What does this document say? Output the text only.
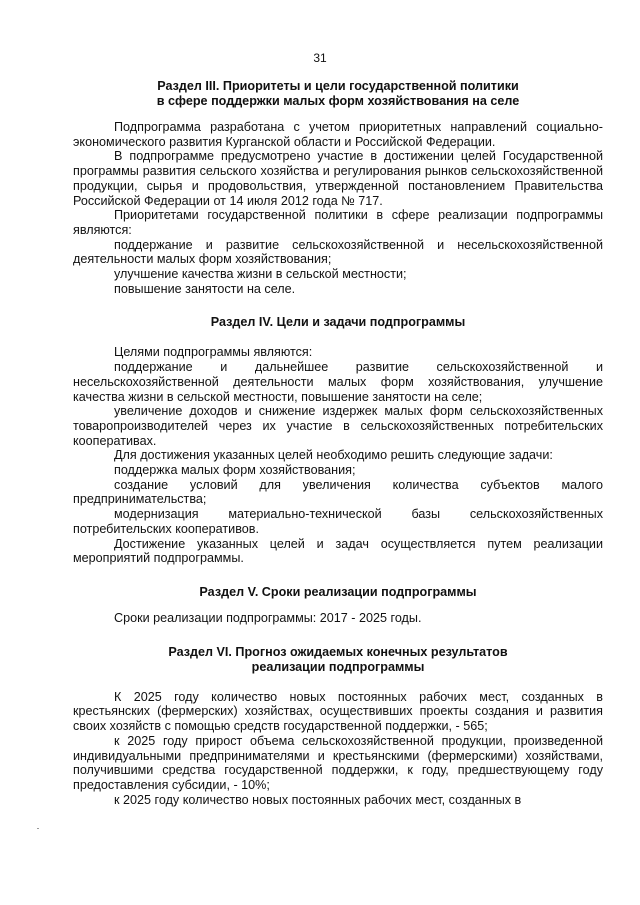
31
Раздел III. Приоритеты и цели государственной политики
в сфере поддержки малых форм хозяйствования на селе

Подпрограмма разработана с учетом приоритетных направлений социально-экономического развития Курганской области и Российской Федерации.

В подпрограмме предусмотрено участие в достижении целей Государственной программы развития сельского хозяйства и регулирования рынков сельскохозяйственной продукции, сырья и продовольствия, утвержденной постановлением Правительства Российской Федерации от 14 июля 2012 года № 717.

Приоритетами государственной политики в сфере реализации подпрограммы являются:

поддержание и развитие сельскохозяйственной и несельскохозяйственной деятельности малых форм хозяйствования;

улучшение качества жизни в сельской местности;

повышение занятости на селе.

Раздел IV. Цели и задачи подпрограммы

Целями подпрограммы являются:

поддержание и дальнейшее развитие сельскохозяйственной и несельскохозяйственной деятельности малых форм хозяйствования, улучшение качества жизни в сельской местности, повышение занятости на селе;

увеличение доходов и снижение издержек малых форм сельскохозяйственных товаропроизводителей через их участие в сельскохозяйственных потребительских кооперативах.

Для достижения указанных целей необходимо решить следующие задачи:

поддержка малых форм хозяйствования;

создание условий для увеличения количества субъектов малого предпринимательства;

модернизация материально-технической базы сельскохозяйственных потребительских кооперативов.

Достижение указанных целей и задач осуществляется путем реализации мероприятий подпрограммы.

Раздел V. Сроки реализации подпрограммы

Сроки реализации подпрограммы: 2017 - 2025 годы.

Раздел VI. Прогноз ожидаемых конечных результатов
реализации подпрограммы

К 2025 году количество новых постоянных рабочих мест, созданных в крестьянских (фермерских) хозяйствах, осуществивших проекты создания и развития своих хозяйств с помощью средств государственной поддержки, - 565;

к 2025 году прирост объема сельскохозяйственной продукции, произведенной индивидуальными предпринимателями и крестьянскими (фермерскими) хозяйствами, получившими средства государственной поддержки, к году, предшествующему году предоставления субсидии, - 10%;

к 2025 году количество новых постоянных рабочих мест, созданных в
